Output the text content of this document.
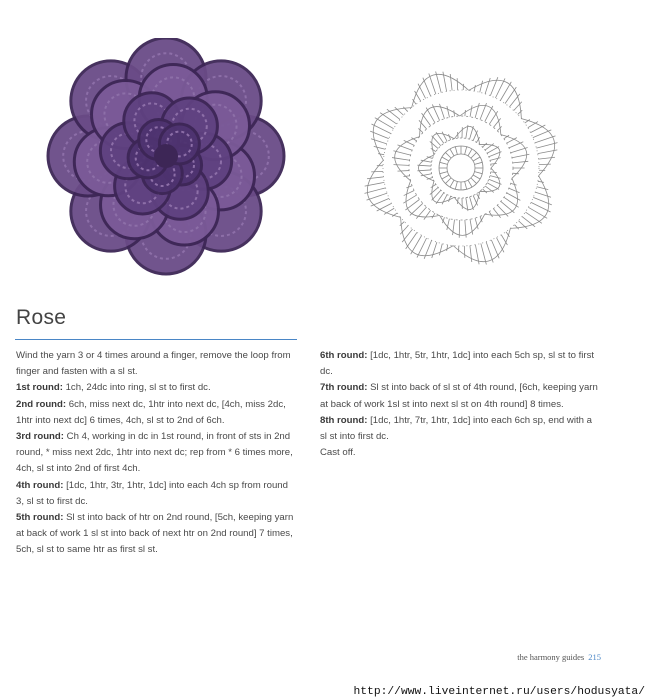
Rose

Wind the yarn 3 or 4 times around a finger, remove the loop from finger and fasten with a sl st.

1st round: 1ch, 24dc into ring, sl st to first dc.

2nd round: 6ch, miss next dc, 1htr into next dc, [4ch, miss 2dc, 1htr into next dc] 6 times, 4ch, sl st to 2nd of 6ch.

3rd round: Ch 4, working in dc in 1st round, in front of sts in 2nd round, * miss next 2dc, 1htr into next dc; rep from * 6 times more, 4ch, sl st into 2nd of first 4ch.

4th round: [1dc, 1htr, 3tr, 1htr, 1dc] into each 4ch sp from round 3, sl st to first dc.

5th round: Sl st into back of htr on 2nd round, [5ch, keeping yarn at back of work 1 sl st into back of next htr on 2nd round] 7 times, 5ch, sl st to same htr as first sl st.

6th round: [1dc, 1htr, 5tr, 1htr, 1dc] into each 5ch sp, sl st to first dc.

7th round: Sl st into back of sl st of 4th round, [6ch, keeping yarn at back of work 1sl st into next sl st on 4th round] 8 times.

8th round: [1dc, 1htr, 7tr, 1htr, 1dc] into each 6ch sp, end with a sl st into first dc.

Cast off.

the harmony guides 215
http://www.liveinternet.ru/users/hodusyata/
